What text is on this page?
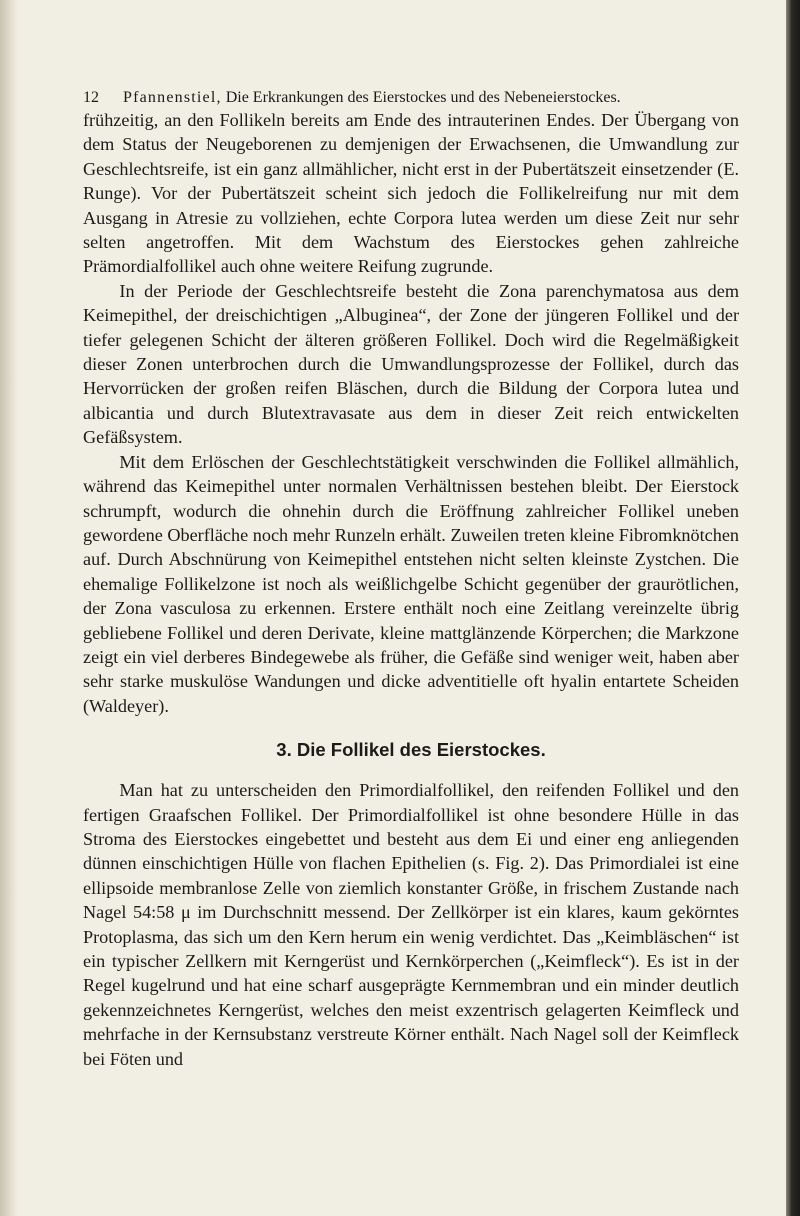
12 Pfannenstiel, Die Erkrankungen des Eierstockes und des Nebeneierstockes.

frühzeitig, an den Follikeln bereits am Ende des intrauterinen Endes. Der Übergang von dem Status der Neugeborenen zu demjenigen der Erwachsenen, die Umwandlung zur Geschlechtsreife, ist ein ganz allmählicher, nicht erst in der Pubertätszeit einsetzender (E. Runge). Vor der Pubertätszeit scheint sich jedoch die Follikelreifung nur mit dem Ausgang in Atresie zu vollziehen, echte Corpora lutea werden um diese Zeit nur sehr selten angetroffen. Mit dem Wachstum des Eierstockes gehen zahlreiche Prämordialfollikel auch ohne weitere Reifung zugrunde.

In der Periode der Geschlechtsreife besteht die Zona parenchymatosa aus dem Keimepithel, der dreischichtigen „Albuginea“, der Zone der jüngeren Follikel und der tiefer gelegenen Schicht der älteren größeren Follikel. Doch wird die Regelmäßigkeit dieser Zonen unterbrochen durch die Umwandlungsprozesse der Follikel, durch das Hervorrücken der großen reifen Bläschen, durch die Bildung der Corpora lutea und albicantia und durch Blutextravasate aus dem in dieser Zeit reich entwickelten Gefäßsystem.

Mit dem Erlöschen der Geschlechtstätigkeit verschwinden die Follikel allmählich, während das Keimepithel unter normalen Verhältnissen bestehen bleibt. Der Eierstock schrumpft, wodurch die ohnehin durch die Eröffnung zahlreicher Follikel uneben gewordene Oberfläche noch mehr Runzeln erhält. Zuweilen treten kleine Fibromknötchen auf. Durch Abschnürung von Keimepithel entstehen nicht selten kleinste Zystchen. Die ehemalige Follikelzone ist noch als weißlichgelbe Schicht gegenüber der graurötlichen, der Zona vasculosa zu erkennen. Erstere enthält noch eine Zeitlang vereinzelte übrig gebliebene Follikel und deren Derivate, kleine mattglänzende Körperchen; die Markzone zeigt ein viel derberes Bindegewebe als früher, die Gefäße sind weniger weit, haben aber sehr starke muskulöse Wandungen und dicke adventitielle oft hyalin entartete Scheiden (Waldeyer).

3. Die Follikel des Eierstockes.

Man hat zu unterscheiden den Primordialfollikel, den reifenden Follikel und den fertigen Graafschen Follikel. Der Primordialfollikel ist ohne besondere Hülle in das Stroma des Eierstockes eingebettet und besteht aus dem Ei und einer eng anliegenden dünnen einschichtigen Hülle von flachen Epithelien (s. Fig. 2). Das Primordialei ist eine ellipsoide membranlose Zelle von ziemlich konstanter Größe, in frischem Zustande nach Nagel 54:58 μ im Durchschnitt messend. Der Zellkörper ist ein klares, kaum gekörntes Protoplasma, das sich um den Kern herum ein wenig verdichtet. Das „Keimbläschen“ ist ein typischer Zellkern mit Kerngerüst und Kernkörperchen („Keimfleck“). Es ist in der Regel kugelrund und hat eine scharf ausgeprägte Kernmembran und ein minder deutlich gekennzeichnetes Kerngerüst, welches den meist exzentrisch gelagerten Keimfleck und mehrfache in der Kernsubstanz verstreute Körner enthält. Nach Nagel soll der Keimfleck bei Föten und
